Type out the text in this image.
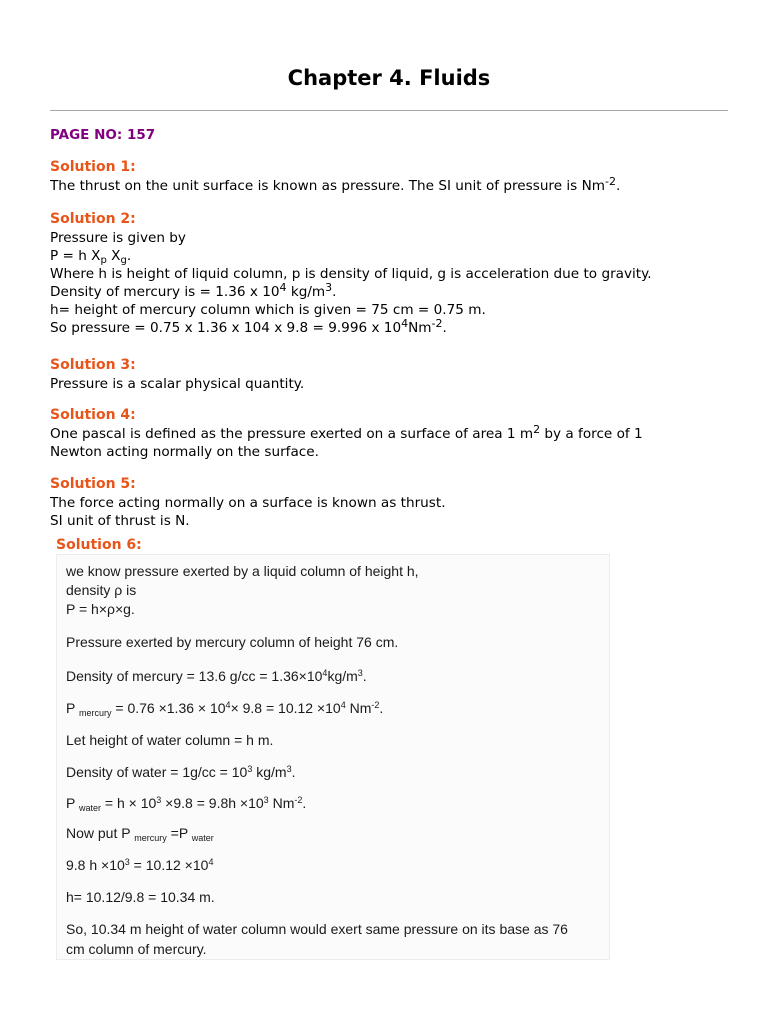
Chapter 4. Fluids
PAGE NO: 157
Solution 1:
The thrust on the unit surface is known as pressure. The SI unit of pressure is $Nm^{-2}$.
Solution 2:
Pressure is given by
P = h $X_p$ $X_g$.
Where h is height of liquid column, p is density of liquid, g is acceleration due to gravity.
Density of mercury is = 1.36 x $10^4$ $kg/m^3$.
h= height of mercury column which is given = 75 cm = 0.75 m.
So pressure = 0.75 x 1.36 x 104 x 9.8 = 9.996 x $10^4Nm^{-2}$.
Solution 3:
Pressure is a scalar physical quantity.
Solution 4:
One pascal is defined as the pressure exerted on a surface of area 1 $m^2$ by a force of 1
Newton acting normally on the surface.
Solution 5:
The force acting normally on a surface is known as thrust.
SI unit of thrust is N.
Solution 6:
we know pressure exerted by a liquid column of height h,
density ρ is
P = h×ρ×g.
Pressure exerted by mercury column of height 76 cm.
Density of mercury = 13.6 $g/cc = 1.36\times 10^4kg/m^3$.
P $_{mercury} = 0.76 \times 1.36 \times 10^4\times 9.8 = 10.12 \times 10^4$ $Nm^{-2}$.
Let height of water column = h m.
Density of water = $1g/cc = 10^3$ $kg/m^3$.
P $_{water} = h \times 10^3 \times 9.8 = 9.8h \times 10^3$ $Nm^{-2}$.
Now put P $_{mercury}$ =P $_{water}$
9.8 $h \times 10^3 = 10.12 \times 10^4$
h= 10.12/9.8 = 10.34 m.
So, 10.34 m height of water column would exert same pressure on its base as 76
cm column of mercury.
